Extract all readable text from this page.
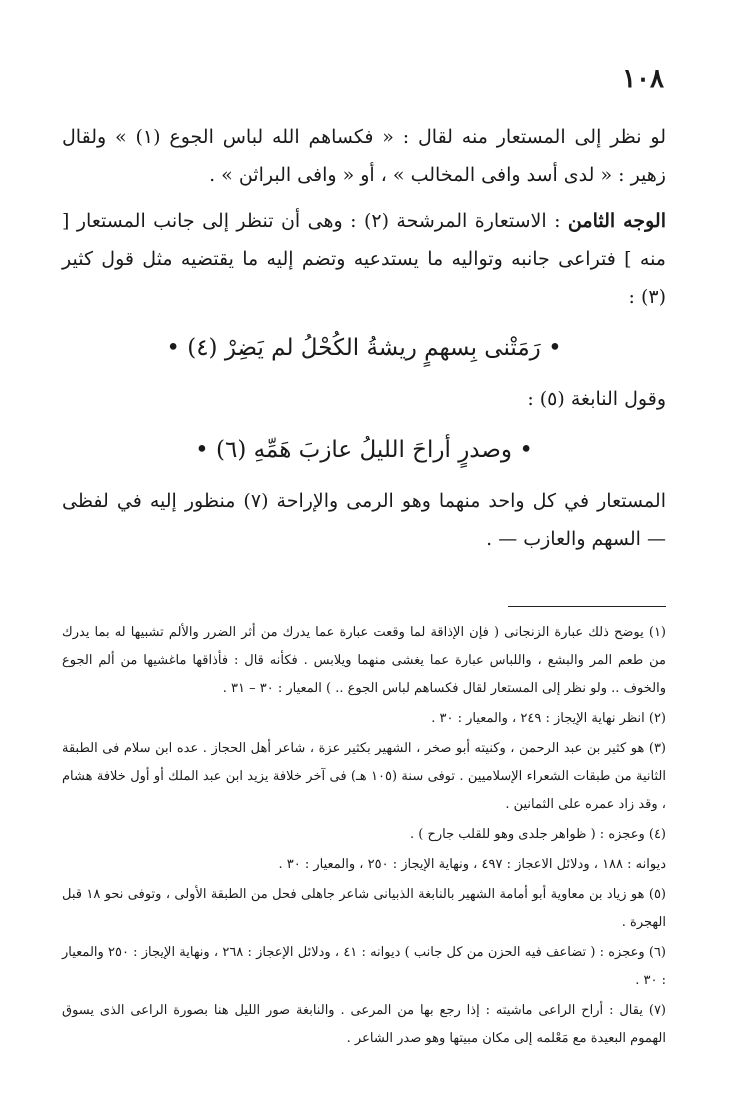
١٠٨

لو نظر إلى المستعار منه لقال : « فكساهم الله لباس الجوع (١) » ولقال زهير : « لدى أسد وافى المخالب » ، أو « وافى البراثن » .

الوجه الثامن : الاستعارة المرشحة (٢) : وهى أن تنظر إلى جانب المستعار [ منه ] فتراعى جانبه وتواليه ما يستدعيه وتضم إليه ما يقتضيه مثل قول كثير (٣) :

• رَمَتْنى بِسهمٍ ريشةُ الكُحْلُ لم يَضِرْ (٤) •

وقول النابغة (٥) :

• وصدرٍ أراحَ الليلُ عازبَ هَمِّهِ (٦) •

المستعار في كل واحد منهما وهو الرمى والإراحة (٧) منظور إليه في لفظى — السهم والعازب — .

(١) يوضح ذلك عبارة الزنجانى ( فإن الإذاقة لما وقعت عبارة عما يدرك من أثر الضرر والألم تشبيها له بما يدرك من طعم المر والبشع ، واللباس عبارة عما يغشى منهما ويلابس . فكأنه قال : فأذاقها ماغشيها من ألم الجوع والخوف .. ولو نظر إلى المستعار لقال فكساهم لباس الجوع .. ) المعيار : ٣٠ – ٣١ .

(٢) انظر نهاية الإيجاز : ٢٤٩ ، والمعيار : ٣٠ .

(٣) هو كثير بن عبد الرحمن ، وكنيته أبو صخر ، الشهير بكثير عزة ، شاعر أهل الحجاز . عده ابن سلام فى الطبقة الثانية من طبقات الشعراء الإسلاميين . توفى سنة (١٠٥ هـ) فى آخر خلافة يزيد ابن عبد الملك أو أول خلافة هشام ، وقد زاد عمره على الثمانين .

(٤) وعجزه : ( ظواهر جلدى وهو للقلب جارح ) .

ديوانه : ١٨٨ ، ودلائل الاعجاز : ٤٩٧ ، ونهاية الإيجاز : ٢٥٠ ، والمعيار : ٣٠ .

(٥) هو زياد بن معاوية أبو أمامة الشهير بالنابغة الذبيانى شاعر جاهلى فحل من الطبقة الأولى ، وتوفى نحو ١٨ قبل الهجرة .

(٦) وعجزه : ( تضاعف فيه الحزن من كل جانب ) ديوانه : ٤١ ، ودلائل الإعجاز : ٢٦٨ ، ونهاية الإيجاز : ٢٥٠ والمعيار : ٣٠ .

(٧) يقال : أراح الراعى ماشيته : إذا رجع بها من المرعى . والنابغة صور الليل هنا بصورة الراعى الذى يسوق الهموم البعيدة مع مَعْلمه إلى مكان مبيتها وهو صدر الشاعر .
